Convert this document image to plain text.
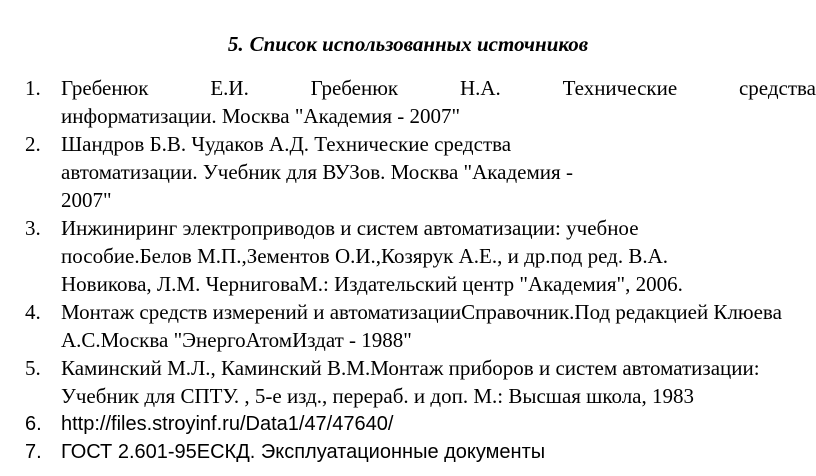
5. Список использованных источников
1. Гребенюк Е.И. Гребенюк Н.А. Технические средства
информатизации. Москва "Академия - 2007"
2. Шандров Б.В. Чудаков А.Д. Технические средства автоматизации. Учебник для ВУЗов. Москва "Академия - 2007"
3. Инжиниринг электроприводов и систем автоматизации: учебное пособие.Белов М.П.,Зементов О.И.,Козярук А.Е., и др.под ред. В.А. Новикова, Л.М. ЧерниговаМ.: Издательский центр "Академия", 2006.
4. Монтаж средств измерений и автоматизацииСправочник.Под редакцией Клюева А.С.Москва "ЭнергоАтомИздат - 1988"
5. Каминский М.Л., Каминский В.М.Монтаж приборов и систем автоматизации: Учебник для СПТУ. , 5-е изд., перераб. и доп. М.: Высшая школа, 1983
6. http://files.stroyinf.ru/Data1/47/47640/
7. ГОСТ 2.601-95ЕСКД. Эксплуатационные документы
